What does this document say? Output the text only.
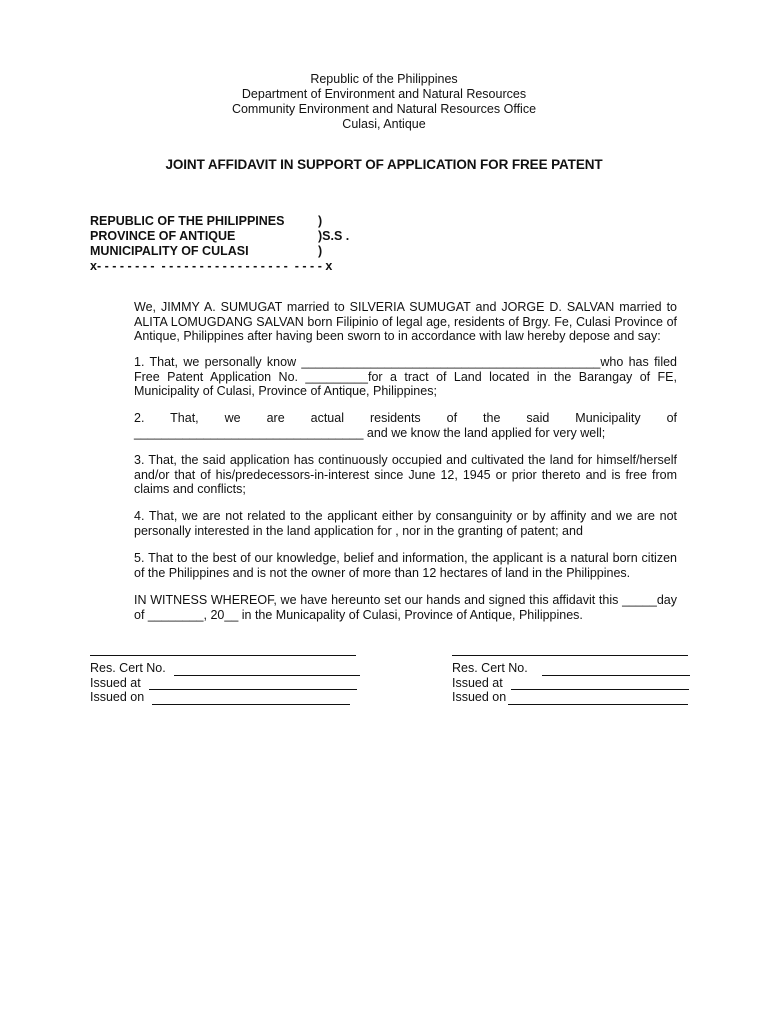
Republic of the Philippines
Department of Environment and Natural Resources
Community Environment and Natural Resources Office
Culasi, Antique
JOINT AFFIDAVIT IN SUPPORT OF APPLICATION FOR FREE PATENT
REPUBLIC OF THE PHILIPPINES	)
PROVINCE OF ANTIQUE	)S.S .
MUNICIPALITY OF CULASI	)
x- - - - - - - -  - - - - - - - - - - - - - - - - -  - - - - x
We, JIMMY A. SUMUGAT married to SILVERIA SUMUGAT and JORGE D. SALVAN married to ALITA LOMUGDANG SALVAN born Filipinio of legal age, residents of Brgy. Fe, Culasi Province of Antique, Philippines after having been sworn to in accordance with law hereby depose and say:
1. That, we personally know ___________________________________________who has filed Free Patent Application No. _________for a tract of Land located in the Barangay of FE, Municipality of Culasi, Province of Antique, Philippines;
2. That, we are actual residents of the said Municipality of _________________________________ and we know the land applied for very well;
3. That, the said application has continuously occupied and cultivated the land for himself/herself and/or that of his/predecessors-in-interest since June 12, 1945 or prior thereto and is free from claims and conflicts;
4. That, we are not related to the applicant either by consanguinity or by affinity and we are not personally interested in the land application for , nor in the granting of patent; and
5. That to the best of our knowledge, belief and information, the applicant is a natural born citizen of the Philippines and is not the owner of more than 12 hectares of land in the Philippines.
IN WITNESS WHEREOF, we have hereunto set our hands and signed this affidavit this _____day of ________, 20__ in the Municapality of Culasi, Province of Antique, Philippines.
Res. Cert No.
Issued at
Issued on
Res. Cert No.
Issued at
Issued on
